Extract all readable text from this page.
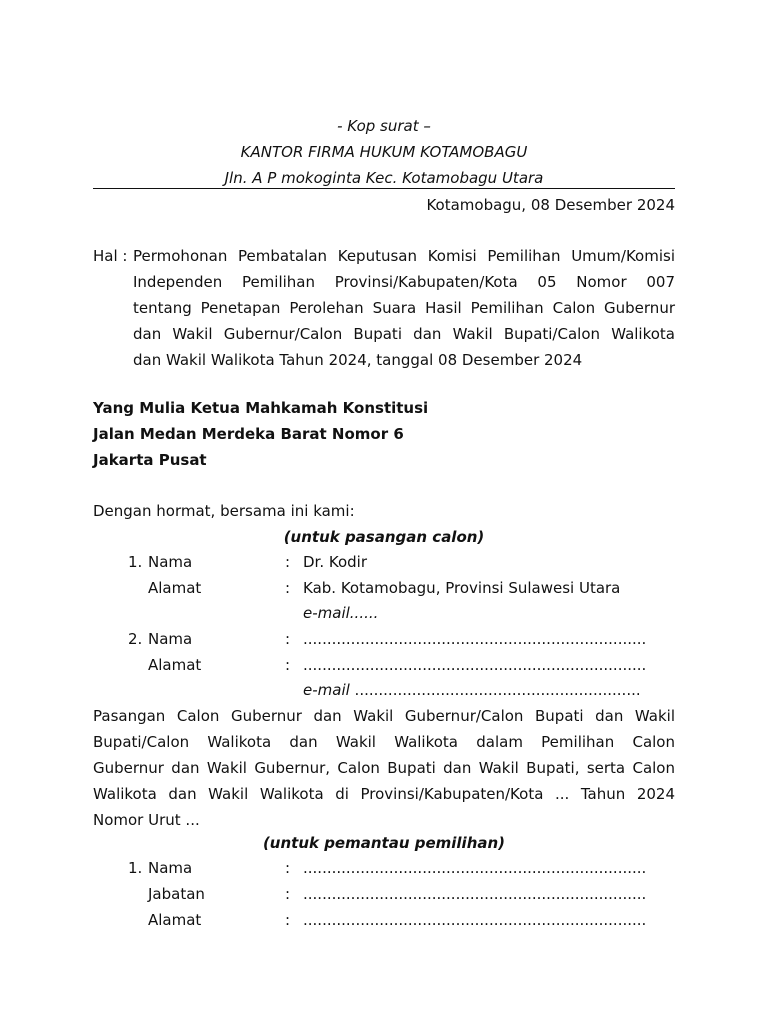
- Kop surat –
KANTOR FIRMA HUKUM KOTAMOBAGU
Jln. A P mokoginta Kec. Kotamobagu Utara
Kotamobagu, 08 Desember 2024
Hal : Permohonan Pembatalan Keputusan Komisi Pemilihan Umum/Komisi
Independen Pemilihan Provinsi/Kabupaten/Kota 05 Nomor 007
tentang Penetapan Perolehan Suara Hasil Pemilihan Calon Gubernur
dan Wakil Gubernur/Calon Bupati dan Wakil Bupati/Calon Walikota
dan Wakil Walikota Tahun 2024, tanggal 08 Desember 2024
Yang Mulia Ketua Mahkamah Konstitusi
Jalan Medan Merdeka Barat Nomor 6
Jakarta Pusat
Dengan hormat, bersama ini kami:
(untuk pasangan calon)
1. Nama	: Dr. Kodir
Alamat	: Kab. Kotamobagu, Provinsi Sulawesi Utara
e-mail......
2. Nama	: ........................................................................
Alamat	: ........................................................................
e-mail ............................................................
Pasangan Calon Gubernur dan Wakil Gubernur/Calon Bupati dan Wakil
Bupati/Calon Walikota dan Wakil Walikota dalam Pemilihan Calon
Gubernur dan Wakil Gubernur, Calon Bupati dan Wakil Bupati, serta Calon
Walikota dan Wakil Walikota di Provinsi/Kabupaten/Kota ... Tahun 2024
Nomor Urut ...
(untuk pemantau pemilihan)
1. Nama	: ........................................................................
Jabatan	: ........................................................................
Alamat	: ........................................................................
